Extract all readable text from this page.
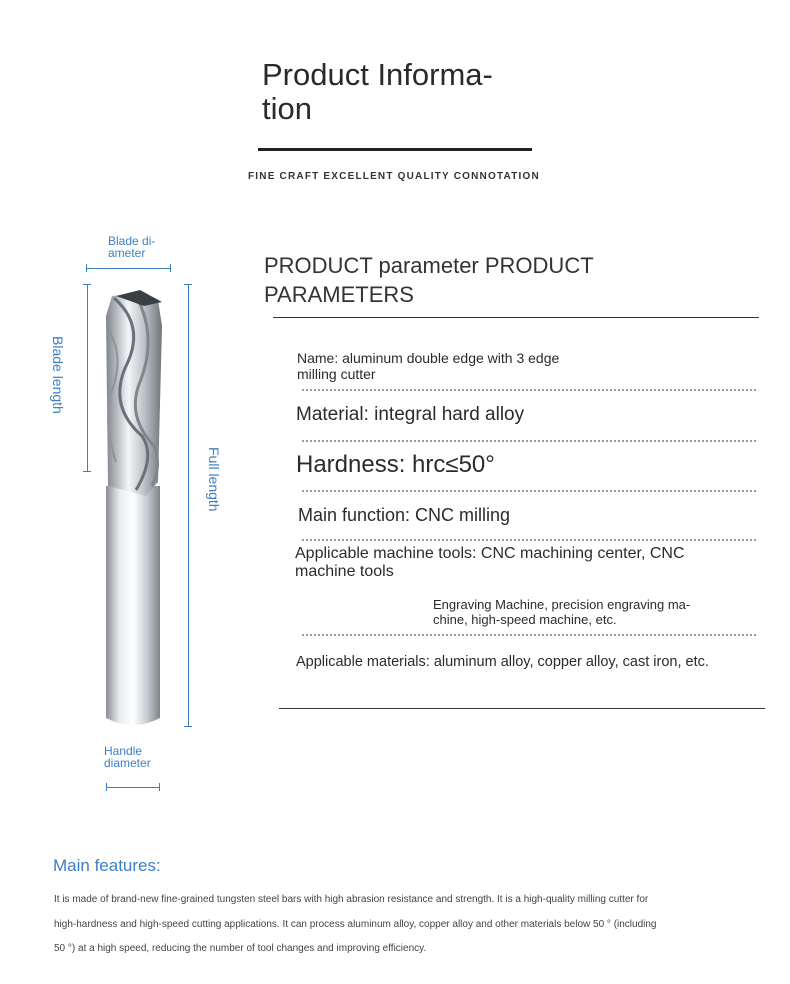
Product Informa- tion
FINE CRAFT EXCELLENT QUALITY CONNOTATION
Blade di- ameter
Blade length
Full length
Handle diameter
PRODUCT parameter PRODUCT PARAMETERS
Name: aluminum double edge with 3 edge milling cutter
Material: integral hard alloy
Hardness: hrc≤50°
Main function: CNC milling
Applicable machine tools: CNC machining center, CNC machine tools
Engraving Machine, precision engraving ma- chine, high-speed machine, etc.
Applicable materials: aluminum alloy, copper alloy, cast iron, etc.
Main features:
It is made of brand-new fine-grained tungsten steel bars with high abrasion resistance and strength. It is a high-quality milling cutter for high-hardness and high-speed cutting applications. It can process aluminum alloy, copper alloy and other materials below 50 ° (including 50 °) at a high speed, reducing the number of tool changes and improving efficiency.
